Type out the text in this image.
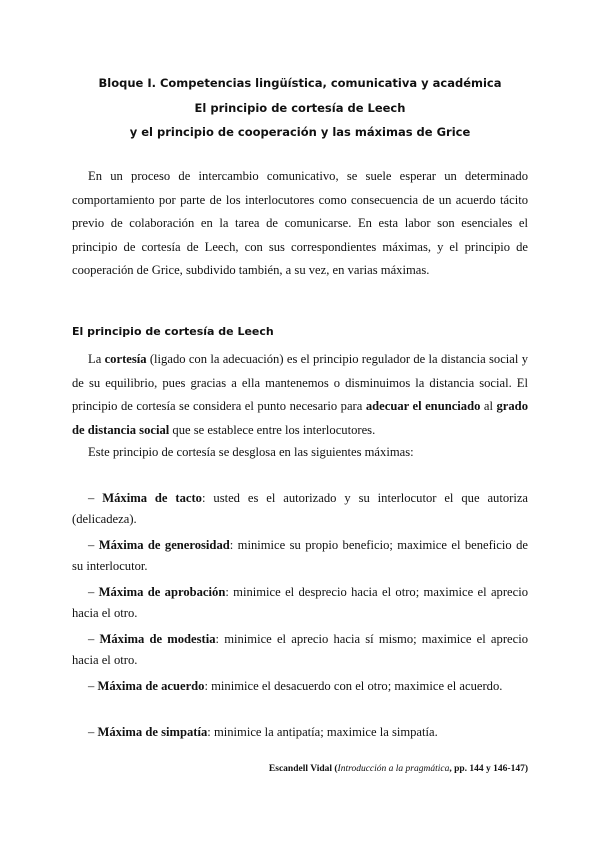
Bloque I. Competencias lingüística, comunicativa y académica
El principio de cortesía de Leech
y el principio de cooperación y las máximas de Grice

En un proceso de intercambio comunicativo, se suele esperar un determinado comportamiento por parte de los interlocutores como consecuencia de un acuerdo tácito previo de colaboración en la tarea de comunicarse. En esta labor son esenciales el principio de cortesía de Leech, con sus correspondientes máximas, y el principio de cooperación de Grice, subdivido también, a su vez, en varias máximas.

El principio de cortesía de Leech

La cortesía (ligado con la adecuación) es el principio regulador de la distancia social y de su equilibrio, pues gracias a ella mantenemos o disminuimos la distancia social. El principio de cortesía se considera el punto necesario para adecuar el enunciado al grado de distancia social que se establece entre los interlocutores.

Este principio de cortesía se desglosa en las siguientes máximas:

– Máxima de tacto: usted es el autorizado y su interlocutor el que autoriza (delicadeza).

– Máxima de generosidad: minimice su propio beneficio; maximice el beneficio de su interlocutor.

– Máxima de aprobación: minimice el desprecio hacia el otro; maximice el aprecio hacia el otro.

– Máxima de modestia: minimice el aprecio hacia sí mismo; maximice el aprecio hacia el otro.

– Máxima de acuerdo: minimice el desacuerdo con el otro; maximice el acuerdo.

– Máxima de simpatía: minimice la antipatía; maximice la simpatía.

Escandell Vidal (Introducción a la pragmática, pp. 144 y 146-147)
